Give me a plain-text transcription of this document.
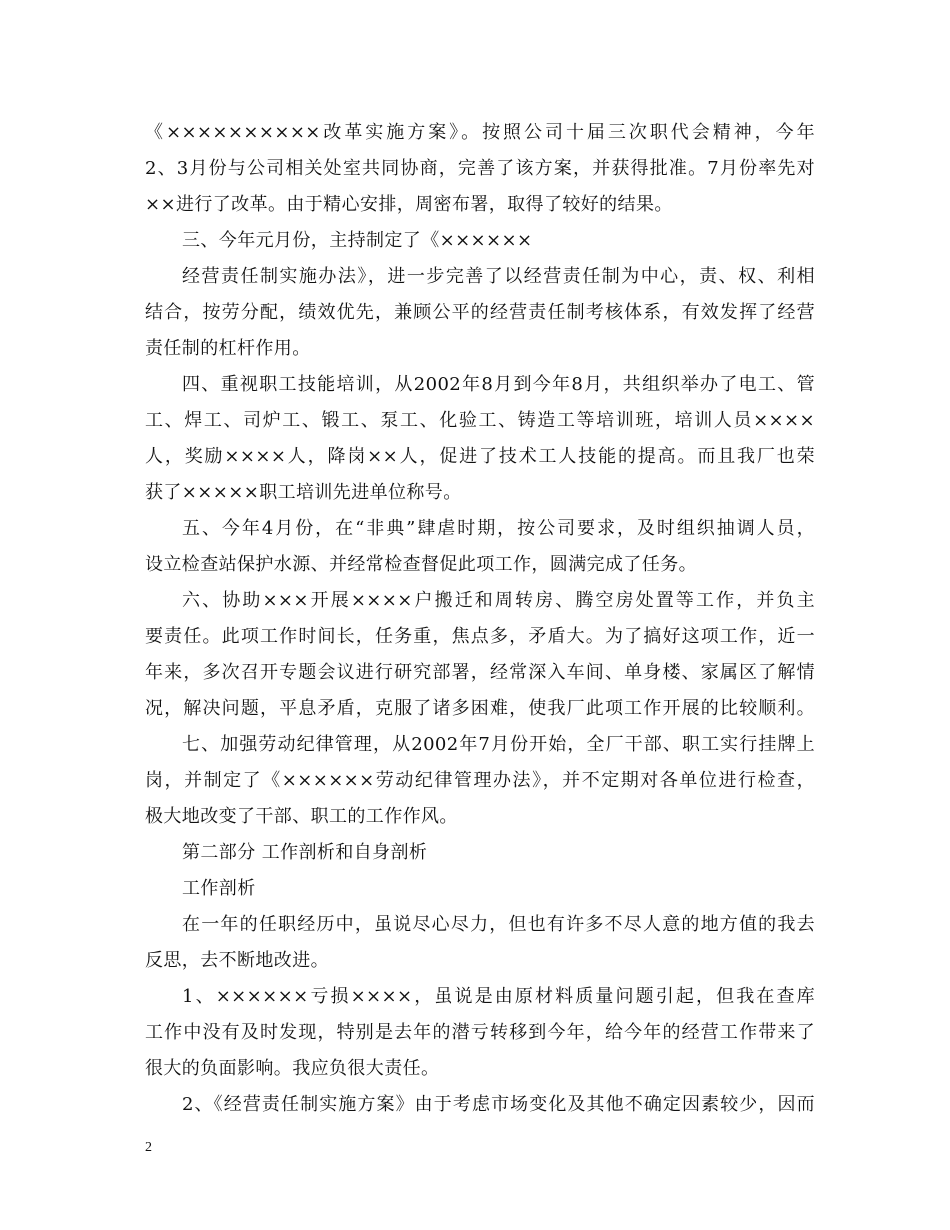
《××××××××××改革实施方案》。按照公司十届三次职代会精神，今年
2、3月份与公司相关处室共同协商，完善了该方案，并获得批准。7月份率先对
××进行了改革。由于精心安排，周密布署，取得了较好的结果。
三、今年元月份，主持制定了《××××××
经营责任制实施办法》，进一步完善了以经营责任制为中心，责、权、利相
结合，按劳分配，绩效优先，兼顾公平的经营责任制考核体系，有效发挥了经营
责任制的杠杆作用。
四、重视职工技能培训，从2002年8月到今年8月，共组织举办了电工、管
工、焊工、司炉工、锻工、泵工、化验工、铸造工等培训班，培训人员××××
人，奖励××××人，降岗××人，促进了技术工人技能的提高。而且我厂也荣
获了×××××职工培训先进单位称号。
五、今年4月份，在“非典”肆虐时期，按公司要求，及时组织抽调人员，
设立检查站保护水源、并经常检查督促此项工作，圆满完成了任务。
六、协助×××开展××××户搬迁和周转房、腾空房处置等工作，并负主
要责任。此项工作时间长，任务重，焦点多，矛盾大。为了搞好这项工作，近一
年来，多次召开专题会议进行研究部署，经常深入车间、单身楼、家属区了解情
况，解决问题，平息矛盾，克服了诸多困难，使我厂此项工作开展的比较顺利。
七、加强劳动纪律管理，从2002年7月份开始，全厂干部、职工实行挂牌上
岗，并制定了《××××××劳动纪律管理办法》，并不定期对各单位进行检查，
极大地改变了干部、职工的工作作风。
第二部分 工作剖析和自身剖析
工作剖析
在一年的任职经历中，虽说尽心尽力，但也有许多不尽人意的地方值的我去
反思，去不断地改进。
1、××××××亏损××××，虽说是由原材料质量问题引起，但我在查库
工作中没有及时发现，特别是去年的潜亏转移到今年，给今年的经营工作带来了
很大的负面影响。我应负很大责任。
2、《经营责任制实施方案》由于考虑市场变化及其他不确定因素较少，因而
2
